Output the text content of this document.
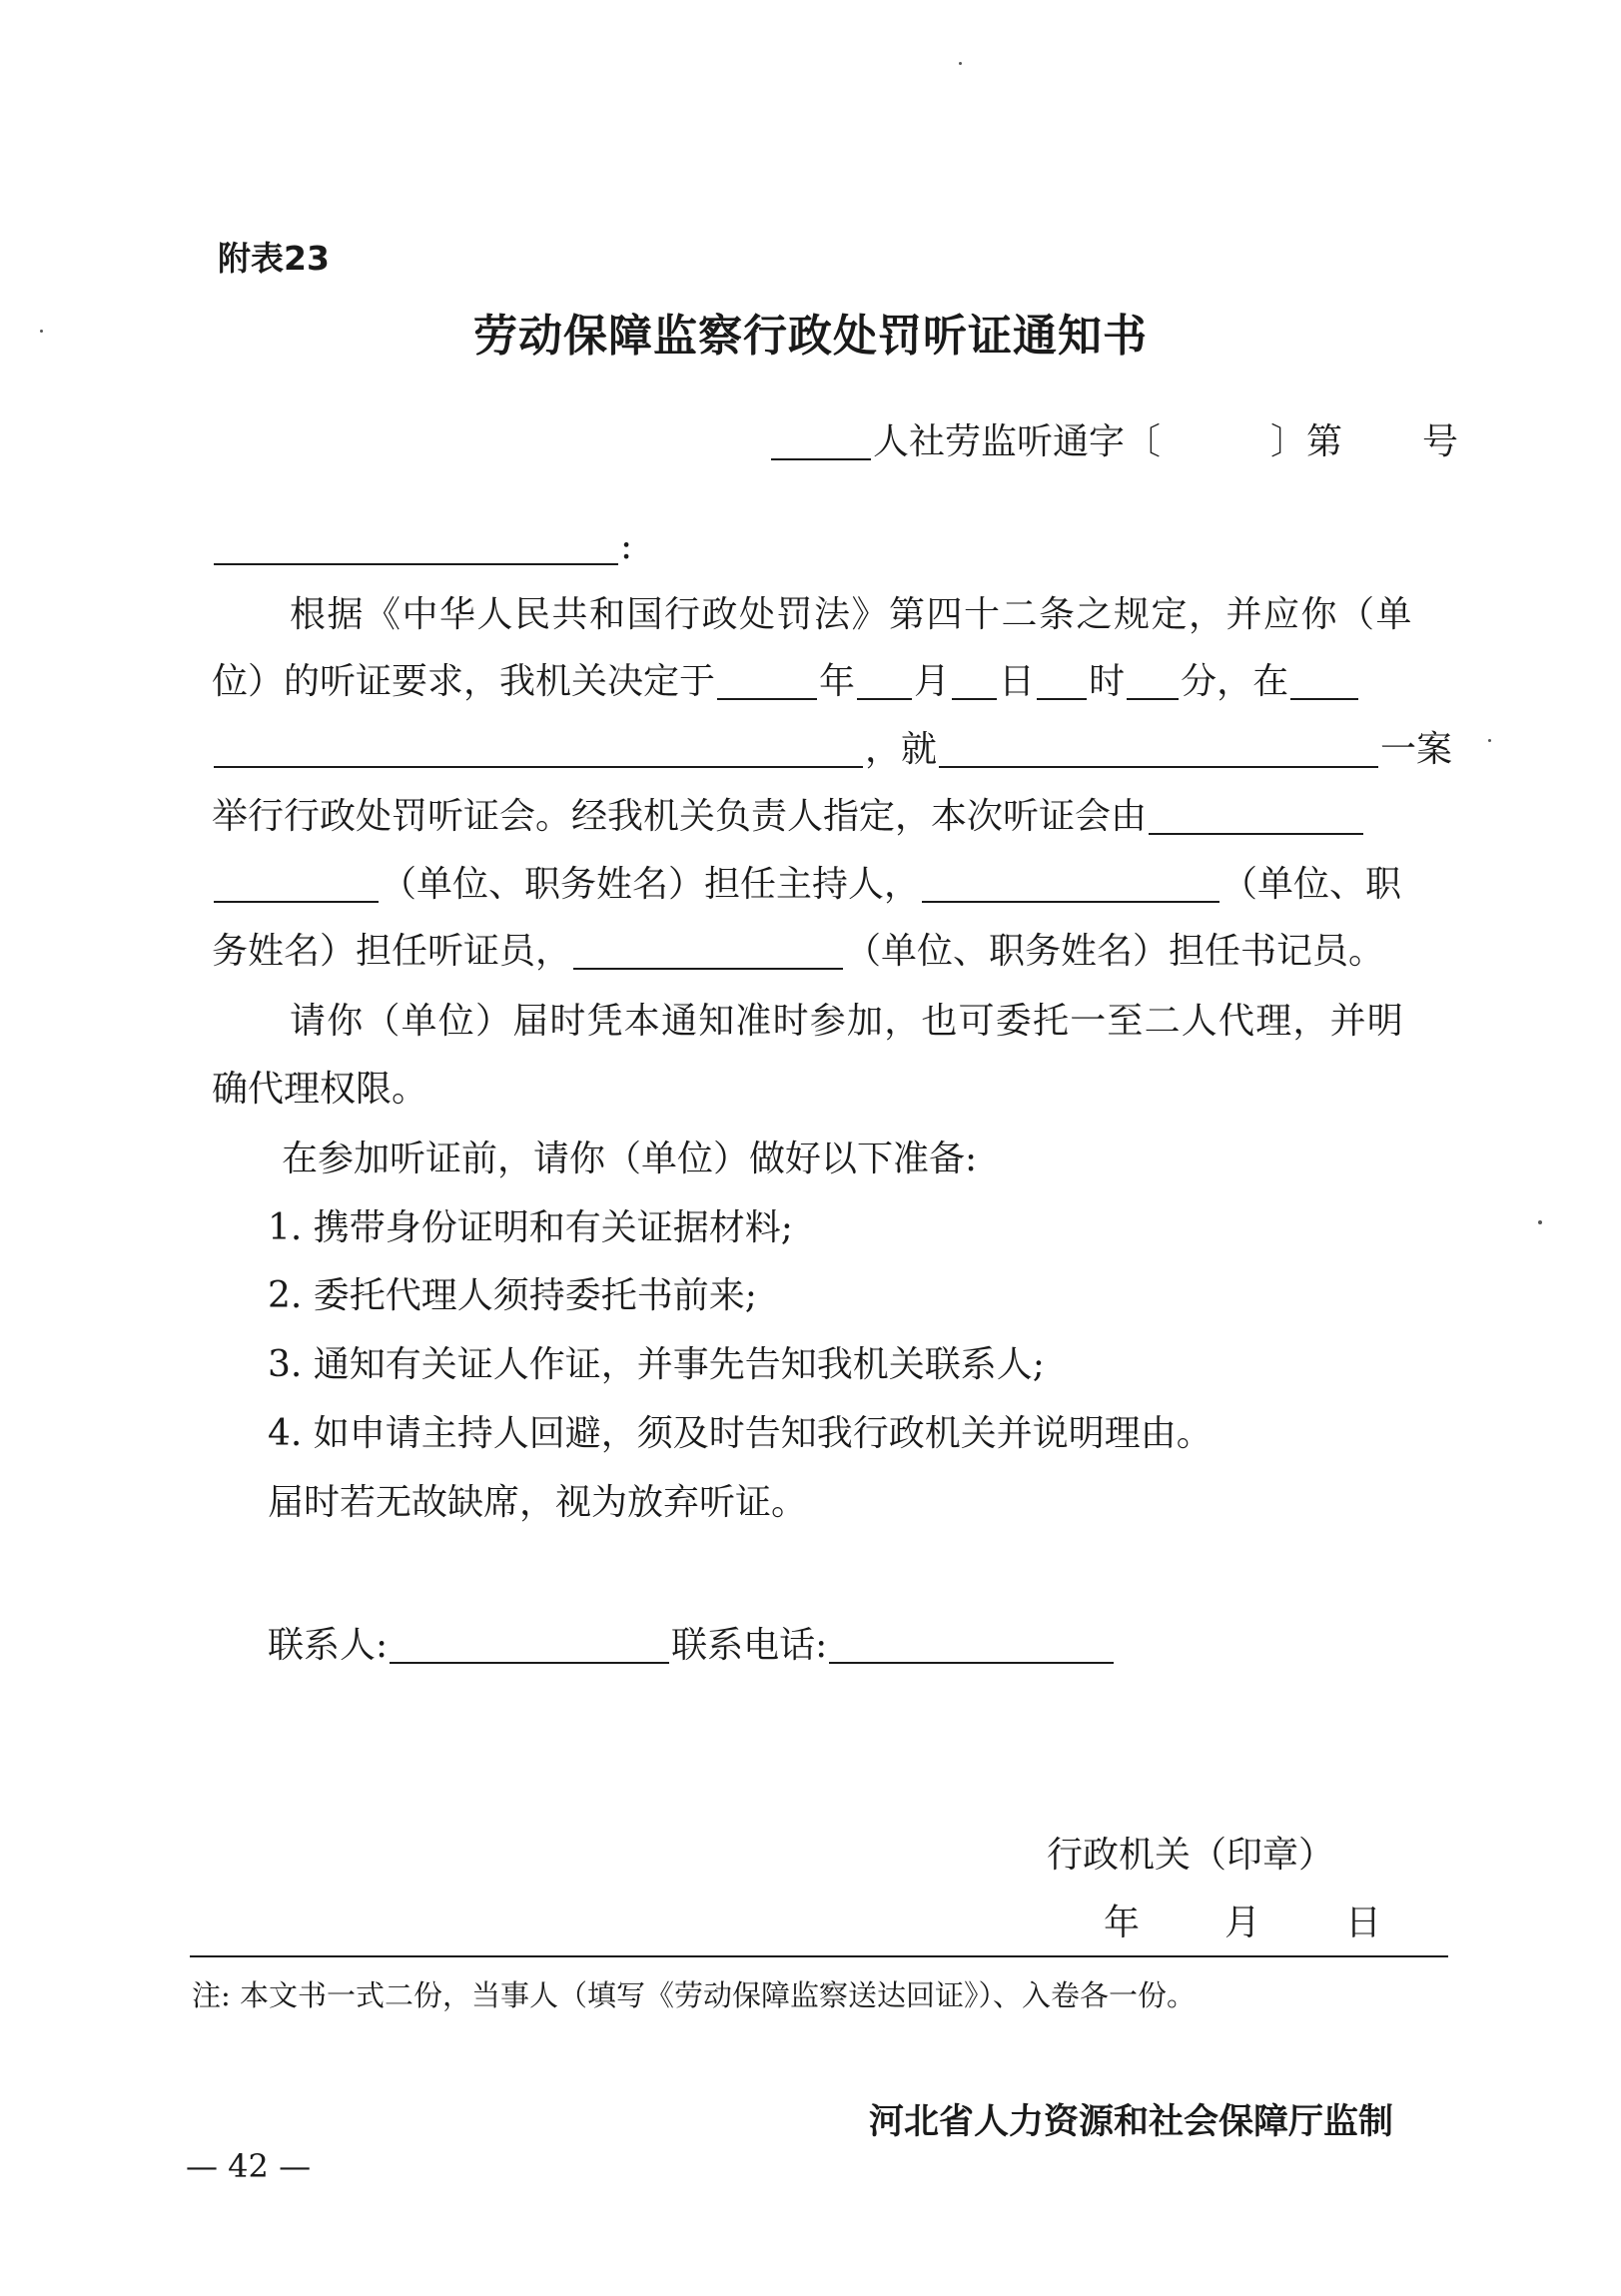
附表23
劳动保障监察行政处罚听证通知书
人社劳监听通字〔	〕第 号
:
根据《中华人民共和国行政处罚法》第四十二条之规定，并应你（单
位）的听证要求，我机关决定于	年 月 日 时 分，在
，就	一案
举行行政处罚听证会。经我机关负责人指定，本次听证会由
（单位、职务姓名）担任主持人，	（单位、职
务姓名）担任听证员，	（单位、职务姓名）担任书记员。
请你（单位）届时凭本通知准时参加，也可委托一至二人代理，并明
确代理权限。
在参加听证前，请你（单位）做好以下准备:
1. 携带身份证明和有关证据材料;
2. 委托代理人须持委托书前来;
3. 通知有关证人作证，并事先告知我机关联系人;
4. 如申请主持人回避，须及时告知我行政机关并说明理由。
届时若无故缺席，视为放弃听证。
联系人:	联系电话:
行政机关（印章）
年 月 日
注: 本文书一式二份，当事人（填写《劳动保障监察送达回证》）、入卷各一份。
河北省人力资源和社会保障厅监制
— 42 —
